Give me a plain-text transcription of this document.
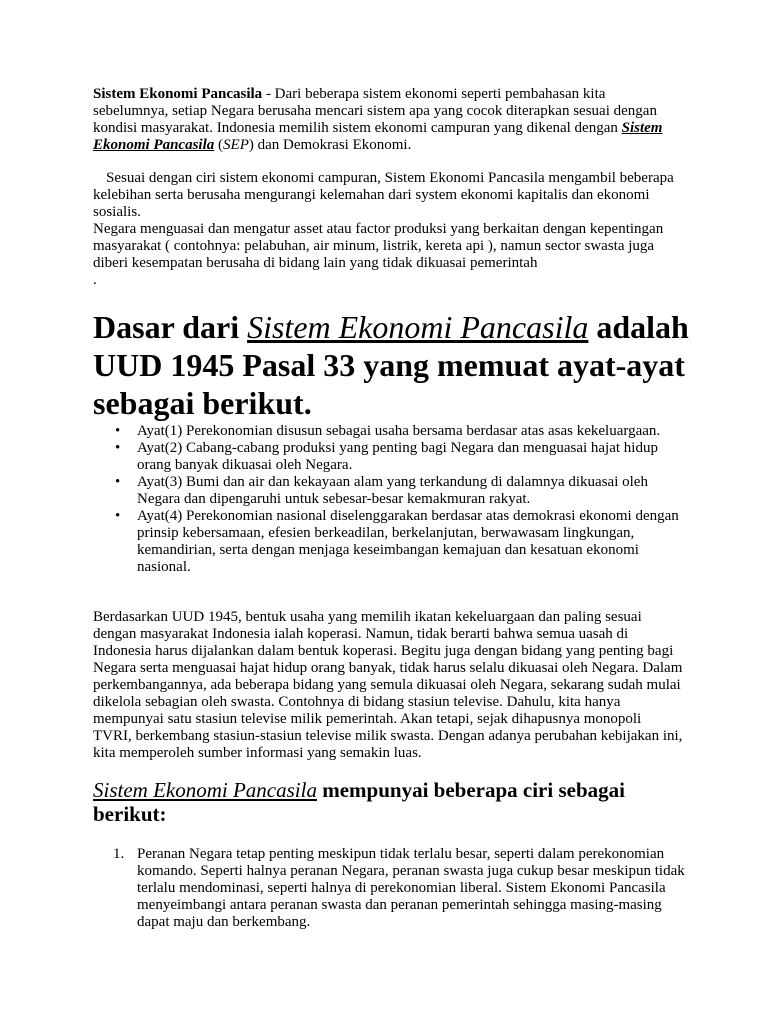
Sistem Ekonomi Pancasila - Dari beberapa sistem ekonomi seperti pembahasan kita sebelumnya, setiap Negara berusaha mencari sistem apa yang cocok diterapkan sesuai dengan kondisi masyarakat. Indonesia memilih sistem ekonomi campuran yang dikenal dengan Sistem Ekonomi Pancasila (SEP) dan Demokrasi Ekonomi.

Sesuai dengan ciri sistem ekonomi campuran, Sistem Ekonomi Pancasila mengambil beberapa kelebihan serta berusaha mengurangi kelemahan dari system ekonomi kapitalis dan ekonomi sosialis.

Negara menguasai dan mengatur asset atau factor produksi yang berkaitan dengan kepentingan masyarakat ( contohnya: pelabuhan, air minum, listrik, kereta api ), namun sector swasta juga diberi kesempatan berusaha di bidang lain yang tidak dikuasai pemerintah
.

Dasar dari Sistem Ekonomi Pancasila adalah UUD 1945 Pasal 33 yang memuat ayat-ayat sebagai berikut.
• Ayat(1) Perekonomian disusun sebagai usaha bersama berdasar atas asas kekeluargaan.
• Ayat(2) Cabang-cabang produksi yang penting bagi Negara dan menguasai hajat hidup orang banyak dikuasai oleh Negara.
• Ayat(3) Bumi dan air dan kekayaan alam yang terkandung di dalamnya dikuasai oleh Negara dan dipengaruhi untuk sebesar-besar kemakmuran rakyat.
• Ayat(4) Perekonomian nasional diselenggarakan berdasar atas demokrasi ekonomi dengan prinsip kebersamaan, efesien berkeadilan, berkelanjutan, berwawasam lingkungan, kemandirian, serta dengan menjaga keseimbangan kemajuan dan kesatuan ekonomi nasional.

Berdasarkan UUD 1945, bentuk usaha yang memilih ikatan kekeluargaan dan paling sesuai dengan masyarakat Indonesia ialah koperasi. Namun, tidak berarti bahwa semua uasah di Indonesia harus dijalankan dalam bentuk koperasi. Begitu juga dengan bidang yang penting bagi Negara serta menguasai hajat hidup orang banyak, tidak harus selalu dikuasai oleh Negara. Dalam perkembangannya, ada beberapa bidang yang semula dikuasai oleh Negara, sekarang sudah mulai dikelola sebagian oleh swasta. Contohnya di bidang stasiun televise. Dahulu, kita hanya mempunyai satu stasiun televise milik pemerintah. Akan tetapi, sejak dihapusnya monopoli TVRI, berkembang stasiun-stasiun televise milik swasta. Dengan adanya perubahan kebijakan ini, kita memperoleh sumber informasi yang semakin luas.

Sistem Ekonomi Pancasila mempunyai beberapa ciri sebagai berikut:
1. Peranan Negara tetap penting meskipun tidak terlalu besar, seperti dalam perekonomian komando. Seperti halnya peranan Negara, peranan swasta juga cukup besar meskipun tidak terlalu mendominasi, seperti halnya di perekonomian liberal. Sistem Ekonomi Pancasila menyeimbangi antara peranan swasta dan peranan pemerintah sehingga masing-masing dapat maju dan berkembang.
